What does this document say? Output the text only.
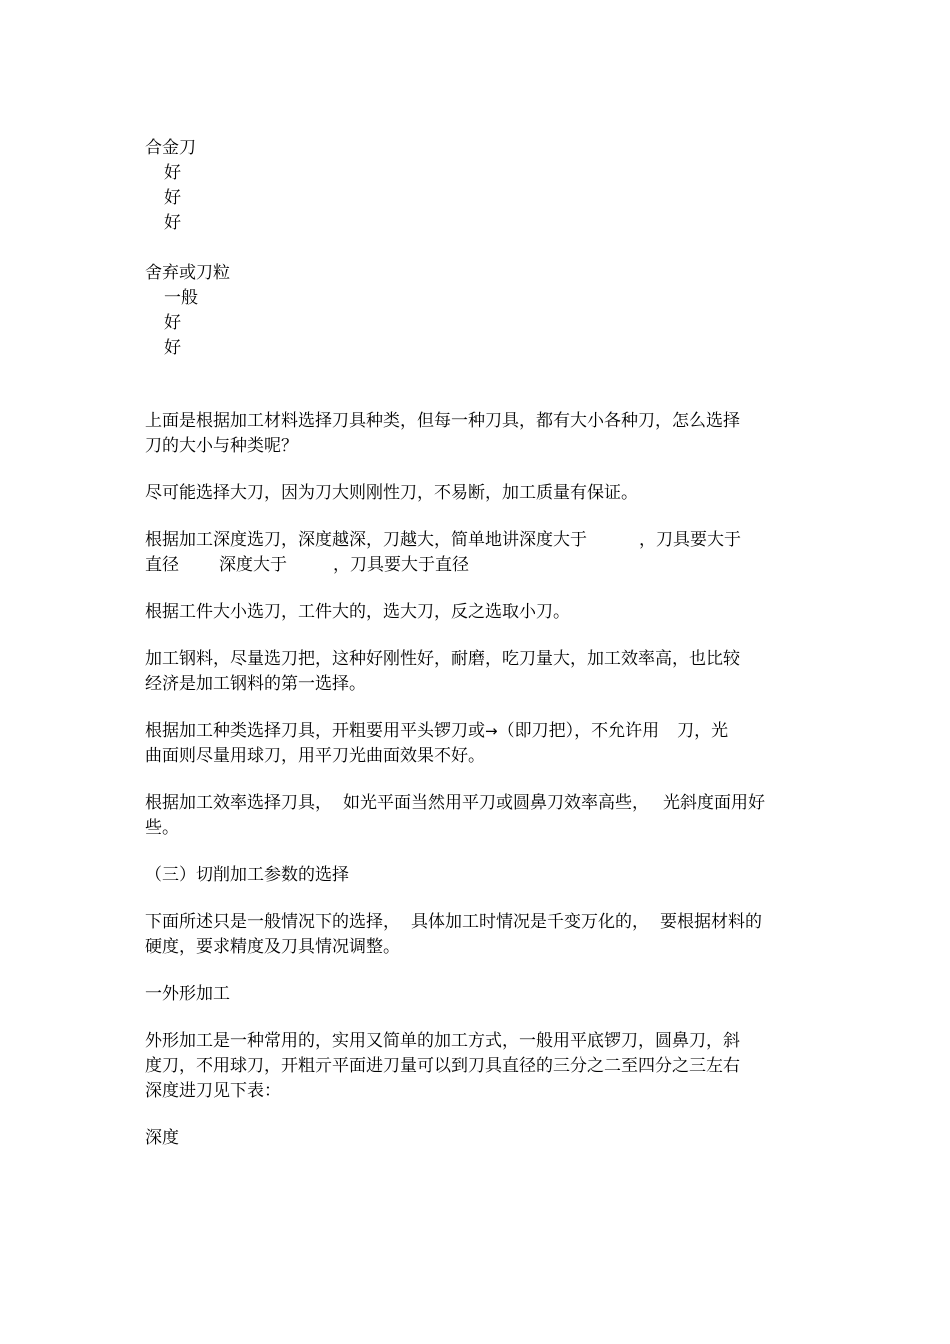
合金刀
好
好
好
舍弃或刀粒
一般
好
好

上面是根据加工材料选择刀具种类，但每一种刀具，都有大小各种刀，怎么选择
刀的大小与种类呢？

尽可能选择大刀，因为刀大则刚性刀，不易断，加工质量有保证。

根据加工深度选刀，深度越深，刀越大，简单地讲深度大于	，刀具要大于
直径 深度大于	，刀具要大于直径

根据工件大小选刀，工件大的，选大刀，反之选取小刀。

加工钢料，尽量选刀把，这种好刚性好，耐磨，吃刀量大，加工效率高，也比较
经济是加工钢料的第一选择。

根据加工种类选择刀具，开粗要用平头锣刀或→（即刀把），不允许用 刀，光
曲面则尽量用球刀，用平刀光曲面效果不好。

根据加工效率选择刀具， 如光平面当然用平刀或圆鼻刀效率高些， 光斜度面用好
些。

（三）切削加工参数的选择

下面所述只是一般情况下的选择， 具体加工时情况是千变万化的， 要根据材料的
硬度，要求精度及刀具情况调整。

一外形加工

外形加工是一种常用的，实用又简单的加工方式，一般用平底锣刀，圆鼻刀，斜
度刀，不用球刀，开粗亓平面进刀量可以到刀具直径的三分之二至四分之三左右
深度进刀见下表：

深度
